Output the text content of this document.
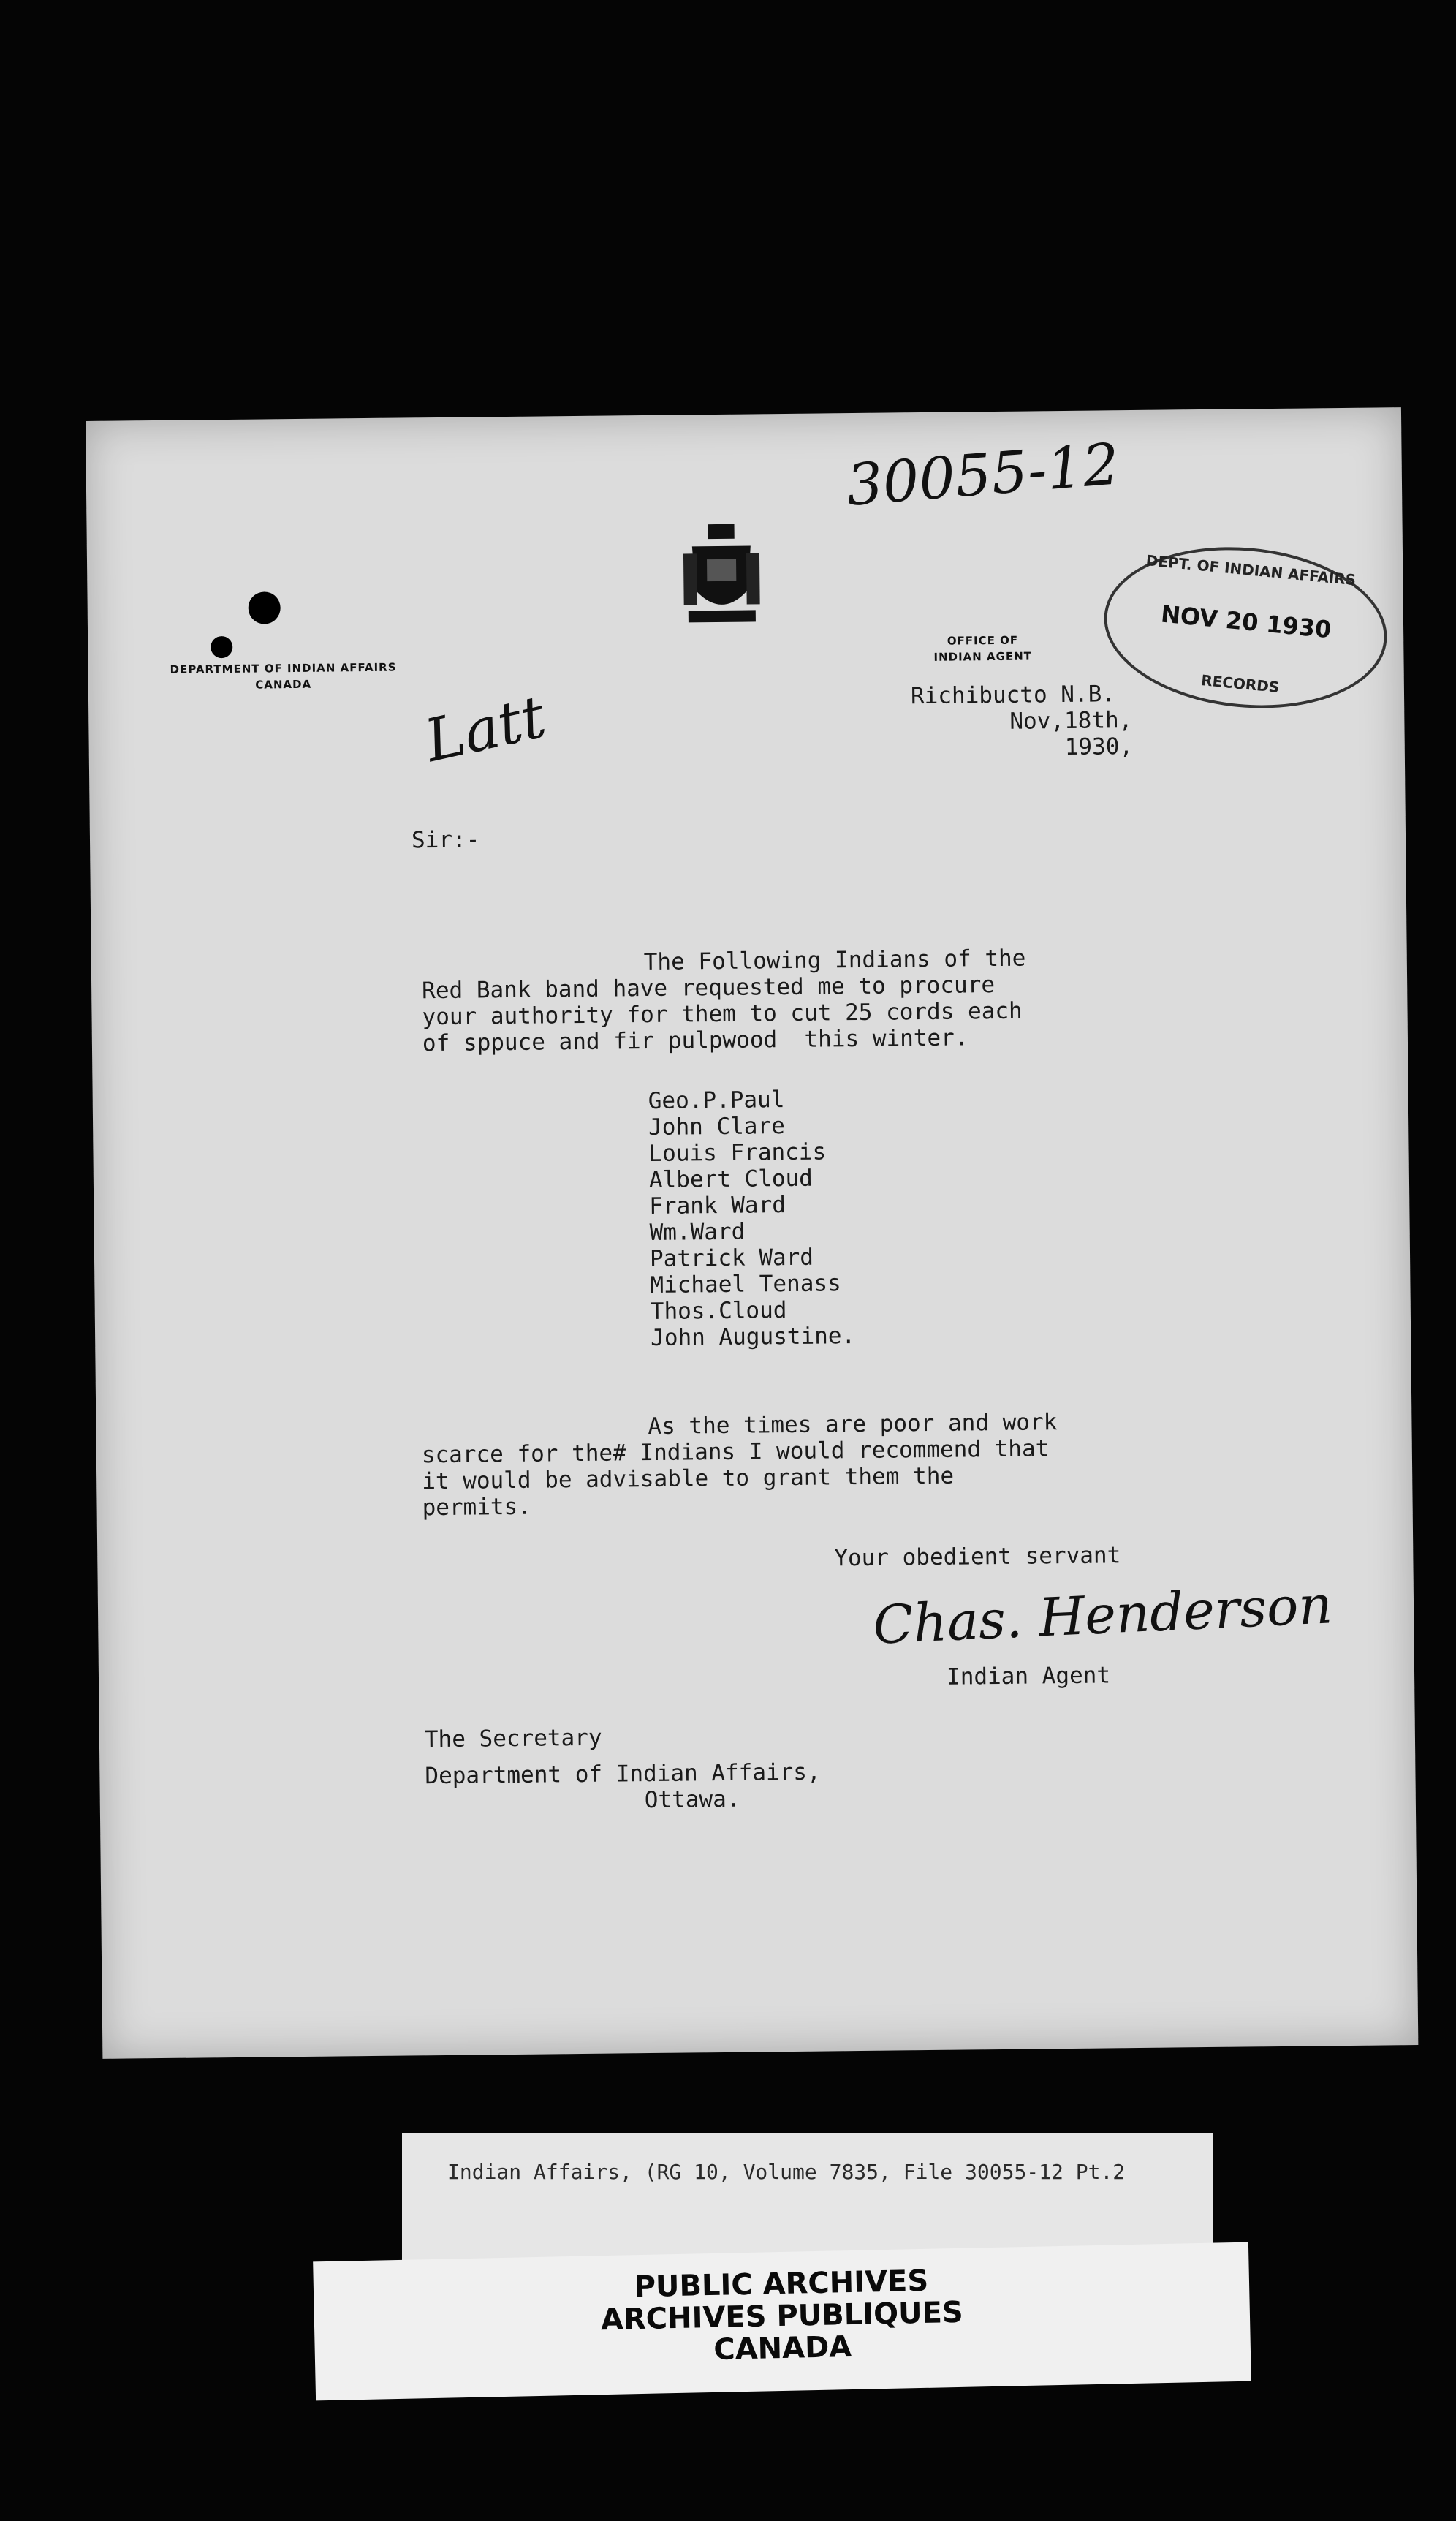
DEPARTMENT OF INDIAN AFFAIRS
CANADA
OFFICE OF
INDIAN AGENT
30055-12
DEPT. OF INDIAN AFFAIRS
NOV 20 1930
RECORDS
Richibucto N.B.
Nov,18th,
1930,
Latt
Sir:-
The Following Indians of the
Red Bank band have requested me to procure
your authority for them to cut 25 cords each
of sppuce and fir pulpwood  this winter.
Geo.P.Paul
John Clare
Louis Francis
Albert Cloud
Frank Ward
Wm.Ward
Patrick Ward
Michael Tenass
Thos.Cloud
John Augustine.
As the times are poor and work
scarce for the# Indians I would recommend that
it would be advisable to grant them the
permits.
Your obedient servant
Chas. Henderson
Indian Agent
The Secretary
Department of Indian Affairs,
Ottawa.
Indian Affairs, (RG 10, Volume 7835, File 30055-12 Pt.2
PUBLIC ARCHIVES
ARCHIVES PUBLIQUES
CANADA
